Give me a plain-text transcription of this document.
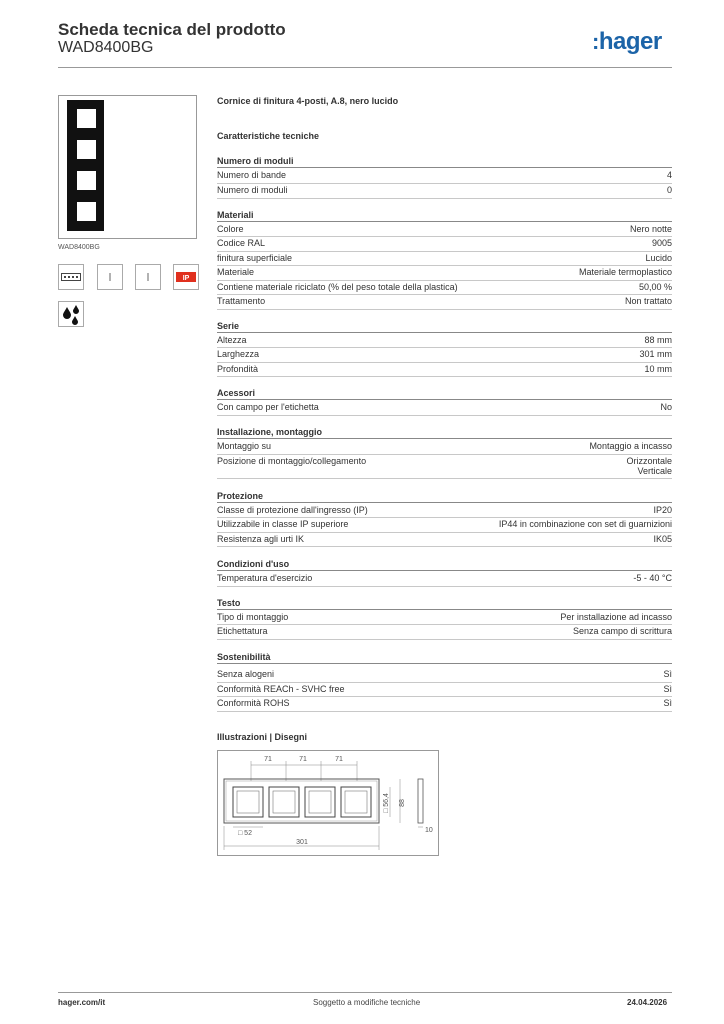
Scheda tecnica del prodotto
WAD8400BG	:hager
WAD8400BG
IP
Cornice di finitura 4-posti, A.8, nero lucido
Caratteristiche tecniche
Numero di moduli
Numero di bande	4
Numero di moduli	0
Materiali
Colore	Nero notte
Codice RAL	9005
finitura superficiale	Lucido
Materiale	Materiale termoplastico
Contiene materiale riciclato (% del peso totale della plastica)	50,00 %
Trattamento	Non trattato
Serie
Altezza	88 mm
Larghezza	301 mm
Profondità	10 mm
Acessori
Con campo per l'etichetta	No
Installazione, montaggio
Montaggio su	Montaggio a incasso
Posizione di montaggio/collegamento	Orizzontale
Verticale
Protezione
Classe di protezione dall'ingresso (IP)	IP20
Utilizzabile in classe IP superiore	IP44 in combinazione con set di guarnizioni
Resistenza agli urti IK	IK05
Condizioni d'uso
Temperatura d'esercizio	-5 - 40 °C
Testo
Tipo di montaggio	Per installazione ad incasso
Etichettatura	Senza campo di scrittura
Sostenibilità
Senza alogeni	Sì
Conformità REACh - SVHC free	Sì
Conformità ROHS	Sì
Illustrazioni | Disegni
71	71	71
□ 52
□ 56,4 88
10
301
hager.com/it	Soggetto a modifiche tecniche	24.04.2026
